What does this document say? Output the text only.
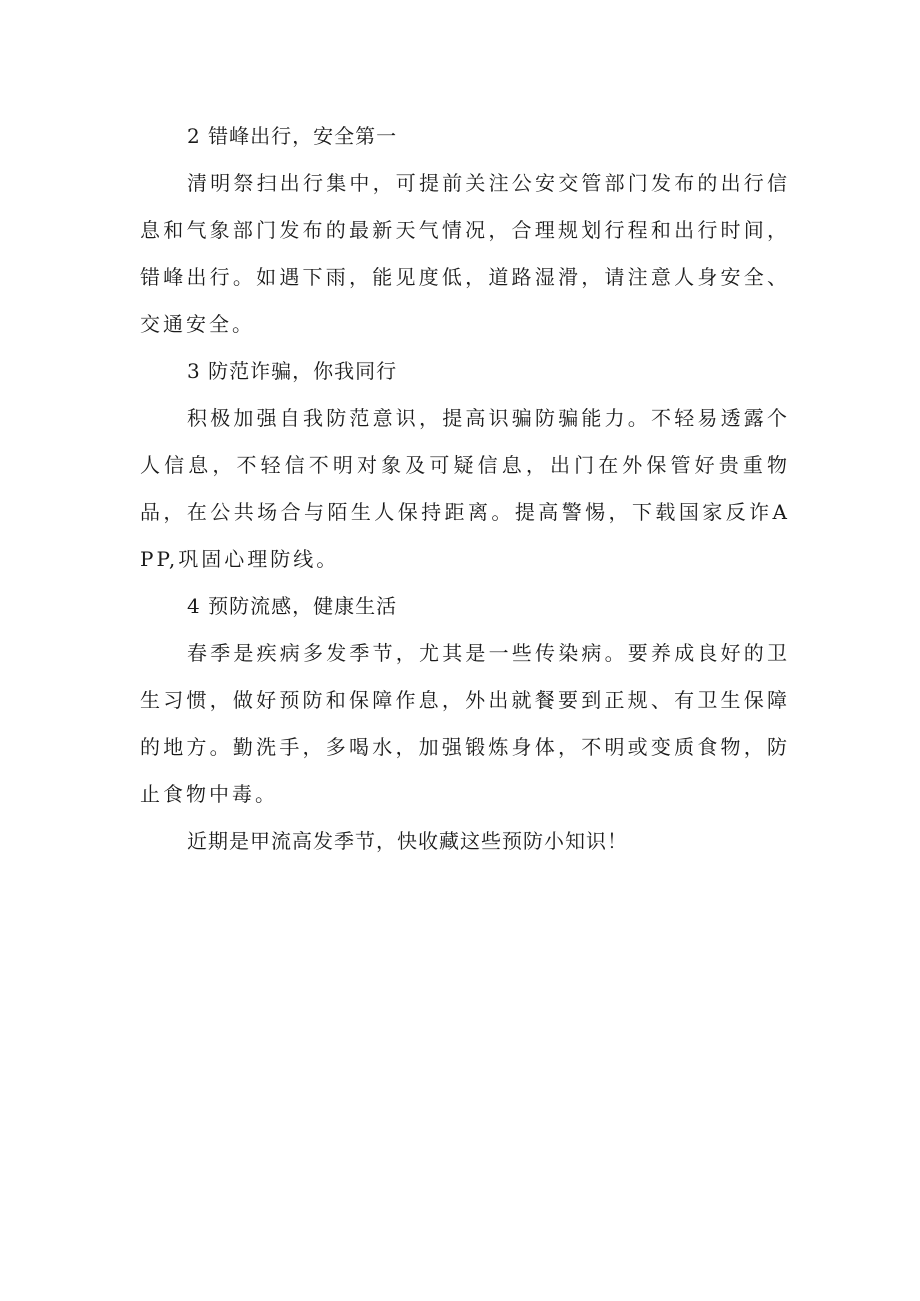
2 错峰出行，安全第一

清明祭扫出行集中，可提前关注公安交管部门发布的出行信息和气象部门发布的最新天气情况，合理规划行程和出行时间，错峰出行。如遇下雨，能见度低，道路湿滑，请注意人身安全、交通安全。

3 防范诈骗，你我同行

积极加强自我防范意识，提高识骗防骗能力。不轻易透露个人信息，不轻信不明对象及可疑信息，出门在外保管好贵重物品，在公共场合与陌生人保持距离。提高警惕，下载国家反诈APP,巩固心理防线。

4 预防流感，健康生活

春季是疾病多发季节，尤其是一些传染病。要养成良好的卫生习惯，做好预防和保障作息，外出就餐要到正规、有卫生保障的地方。勤洗手，多喝水，加强锻炼身体，不明或变质食物，防止食物中毒。

近期是甲流高发季节，快收藏这些预防小知识！
